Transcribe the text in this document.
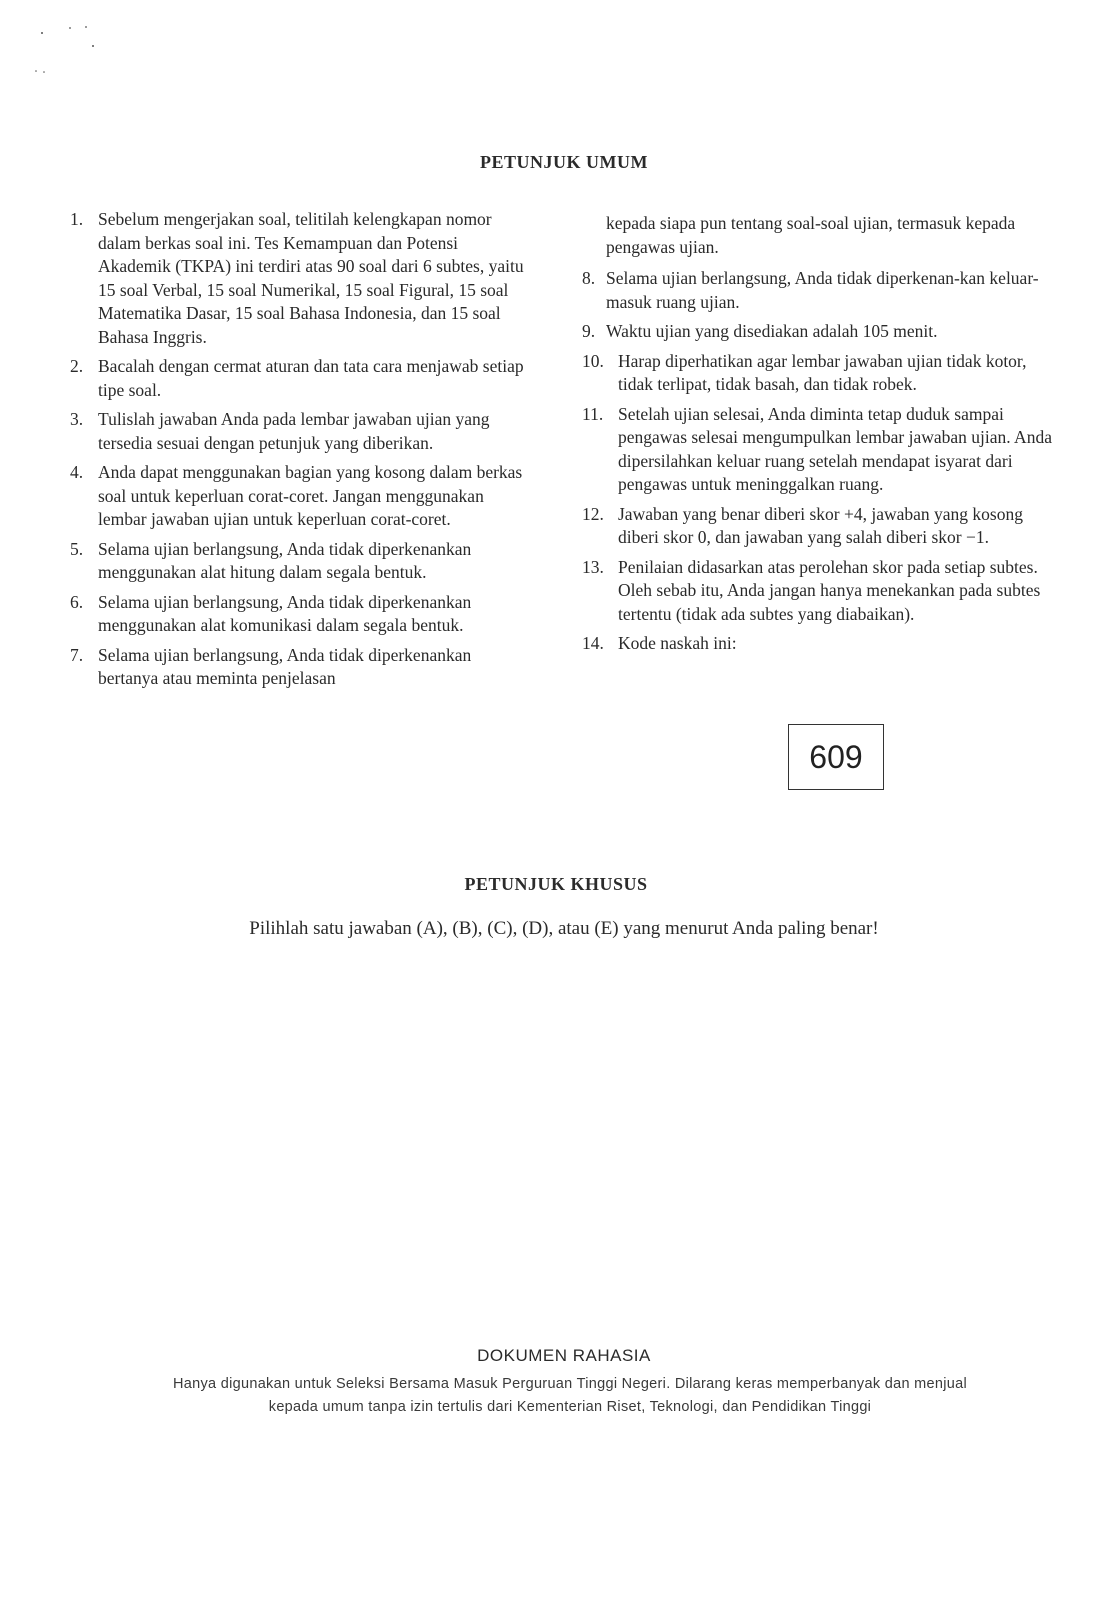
PETUNJUK UMUM
1. Sebelum mengerjakan soal, telitilah kelengkapan nomor dalam berkas soal ini. Tes Kemampuan dan Potensi Akademik (TKPA) ini terdiri atas 90 soal dari 6 subtes, yaitu 15 soal Verbal, 15 soal Numerikal, 15 soal Figural, 15 soal Matematika Dasar, 15 soal Bahasa Indonesia, dan 15 soal Bahasa Inggris.
2. Bacalah dengan cermat aturan dan tata cara menjawab setiap tipe soal.
3. Tulislah jawaban Anda pada lembar jawaban ujian yang tersedia sesuai dengan petunjuk yang diberikan.
4. Anda dapat menggunakan bagian yang kosong dalam berkas soal untuk keperluan corat-coret. Jangan menggunakan lembar jawaban ujian untuk keperluan corat-coret.
5. Selama ujian berlangsung, Anda tidak diperkenankan menggunakan alat hitung dalam segala bentuk.
6. Selama ujian berlangsung, Anda tidak diperkenankan menggunakan alat komunikasi dalam segala bentuk.
7. Selama ujian berlangsung, Anda tidak diperkenankan bertanya atau meminta penjelasan
kepada siapa pun tentang soal-soal ujian, termasuk kepada pengawas ujian.
8. Selama ujian berlangsung, Anda tidak diperkenan-kan keluar-masuk ruang ujian.
9. Waktu ujian yang disediakan adalah 105 menit.
10. Harap diperhatikan agar lembar jawaban ujian tidak kotor, tidak terlipat, tidak basah, dan tidak robek.
11. Setelah ujian selesai, Anda diminta tetap duduk sampai pengawas selesai mengumpulkan lembar jawaban ujian. Anda dipersilahkan keluar ruang setelah mendapat isyarat dari pengawas untuk meninggalkan ruang.
12. Jawaban yang benar diberi skor +4, jawaban yang kosong diberi skor 0, dan jawaban yang salah diberi skor −1.
13. Penilaian didasarkan atas perolehan skor pada setiap subtes. Oleh sebab itu, Anda jangan hanya menekankan pada subtes tertentu (tidak ada subtes yang diabaikan).
14. Kode naskah ini:
609
PETUNJUK KHUSUS
Pilihlah satu jawaban (A), (B), (C), (D), atau (E) yang menurut Anda paling benar!
DOKUMEN RAHASIA
Hanya digunakan untuk Seleksi Bersama Masuk Perguruan Tinggi Negeri. Dilarang keras memperbanyak dan menjual kepada umum tanpa izin tertulis dari Kementerian Riset, Teknologi, dan Pendidikan Tinggi
